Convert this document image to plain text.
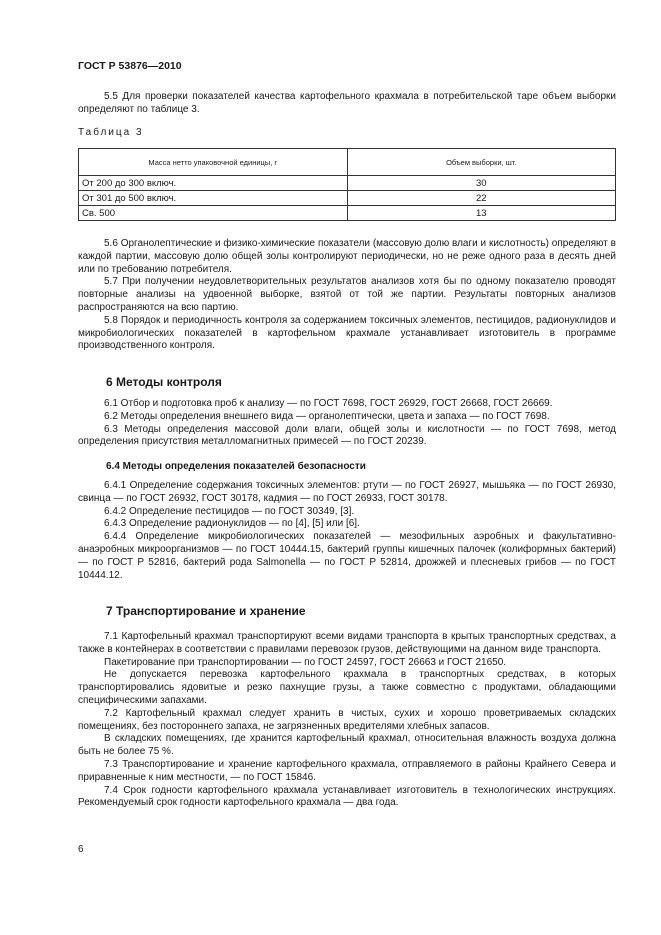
ГОСТ Р 53876—2010

5.5 Для проверки показателей качества картофельного крахмала в потребительской таре объем выборки определяют по таблице 3.

Таблица 3
Масса нетто упаковочной единицы, г	Объем выборки, шт.
От 200 до 300 включ.	30
От 301 до 500 включ.	22
Св. 500	13

5.6 Органолептические и физико-химические показатели (массовую долю влаги и кислотность) определяют в каждой партии, массовую долю общей золы контролируют периодически, но не реже одного раза в десять дней или по требованию потребителя.

5.7 При получении неудовлетворительных результатов анализов хотя бы по одному показателю проводят повторные анализы на удвоенной выборке, взятой от той же партии. Результаты повторных анализов распространяются на всю партию.

5.8 Порядок и периодичность контроля за содержанием токсичных элементов, пестицидов, радионуклидов и микробиологических показателей в картофельном крахмале устанавливает изготовитель в программе производственного контроля.

6 Методы контроля

6.1 Отбор и подготовка проб к анализу — по ГОСТ 7698, ГОСТ 26929, ГОСТ 26668, ГОСТ 26669.

6.2 Методы определения внешнего вида — органолептически, цвета и запаха — по ГОСТ 7698.

6.3 Методы определения массовой доли влаги, общей золы и кислотности — по ГОСТ 7698, метод определения присутствия металломагнитных примесей — по ГОСТ 20239.

6.4 Методы определения показателей безопасности

6.4.1 Определение содержания токсичных элементов: ртути — по ГОСТ 26927, мышьяка — по ГОСТ 26930, свинца — по ГОСТ 26932, ГОСТ 30178, кадмия — по ГОСТ 26933, ГОСТ 30178.

6.4.2 Определение пестицидов — по ГОСТ 30349, [3].

6.4.3 Определение радионуклидов — по [4], [5] или [6].

6.4.4 Определение микробиологических показателей — мезофильных аэробных и факультативно-анаэробных микроорганизмов — по ГОСТ 10444.15, бактерий группы кишечных палочек (колиформных бактерий) — по ГОСТ Р 52816, бактерий рода Salmonella — по ГОСТ Р 52814, дрожжей и плесневых грибов — по ГОСТ 10444.12.

7 Транспортирование и хранение

7.1 Картофельный крахмал транспортируют всеми видами транспорта в крытых транспортных средствах, а также в контейнерах в соответствии с правилами перевозок грузов, действующими на данном виде транспорта.

Пакетирование при транспортировании — по ГОСТ 24597, ГОСТ 26663 и ГОСТ 21650.

Не допускается перевозка картофельного крахмала в транспортных средствах, в которых транспортировались ядовитые и резко пахнущие грузы, а также совместно с продуктами, обладающими специфическими запахами.

7.2 Картофельный крахмал следует хранить в чистых, сухих и хорошо проветриваемых складских помещениях, без постороннего запаха, не загрязненных вредителями хлебных запасов.

В складских помещениях, где хранится картофельный крахмал, относительная влажность воздуха должна быть не более 75 %.

7.3 Транспортирование и хранение картофельного крахмала, отправляемого в районы Крайнего Севера и приравненные к ним местности, — по ГОСТ 15846.

7.4 Срок годности картофельного крахмала устанавливает изготовитель в технологических инструкциях. Рекомендуемый срок годности картофельного крахмала — два года.

6
